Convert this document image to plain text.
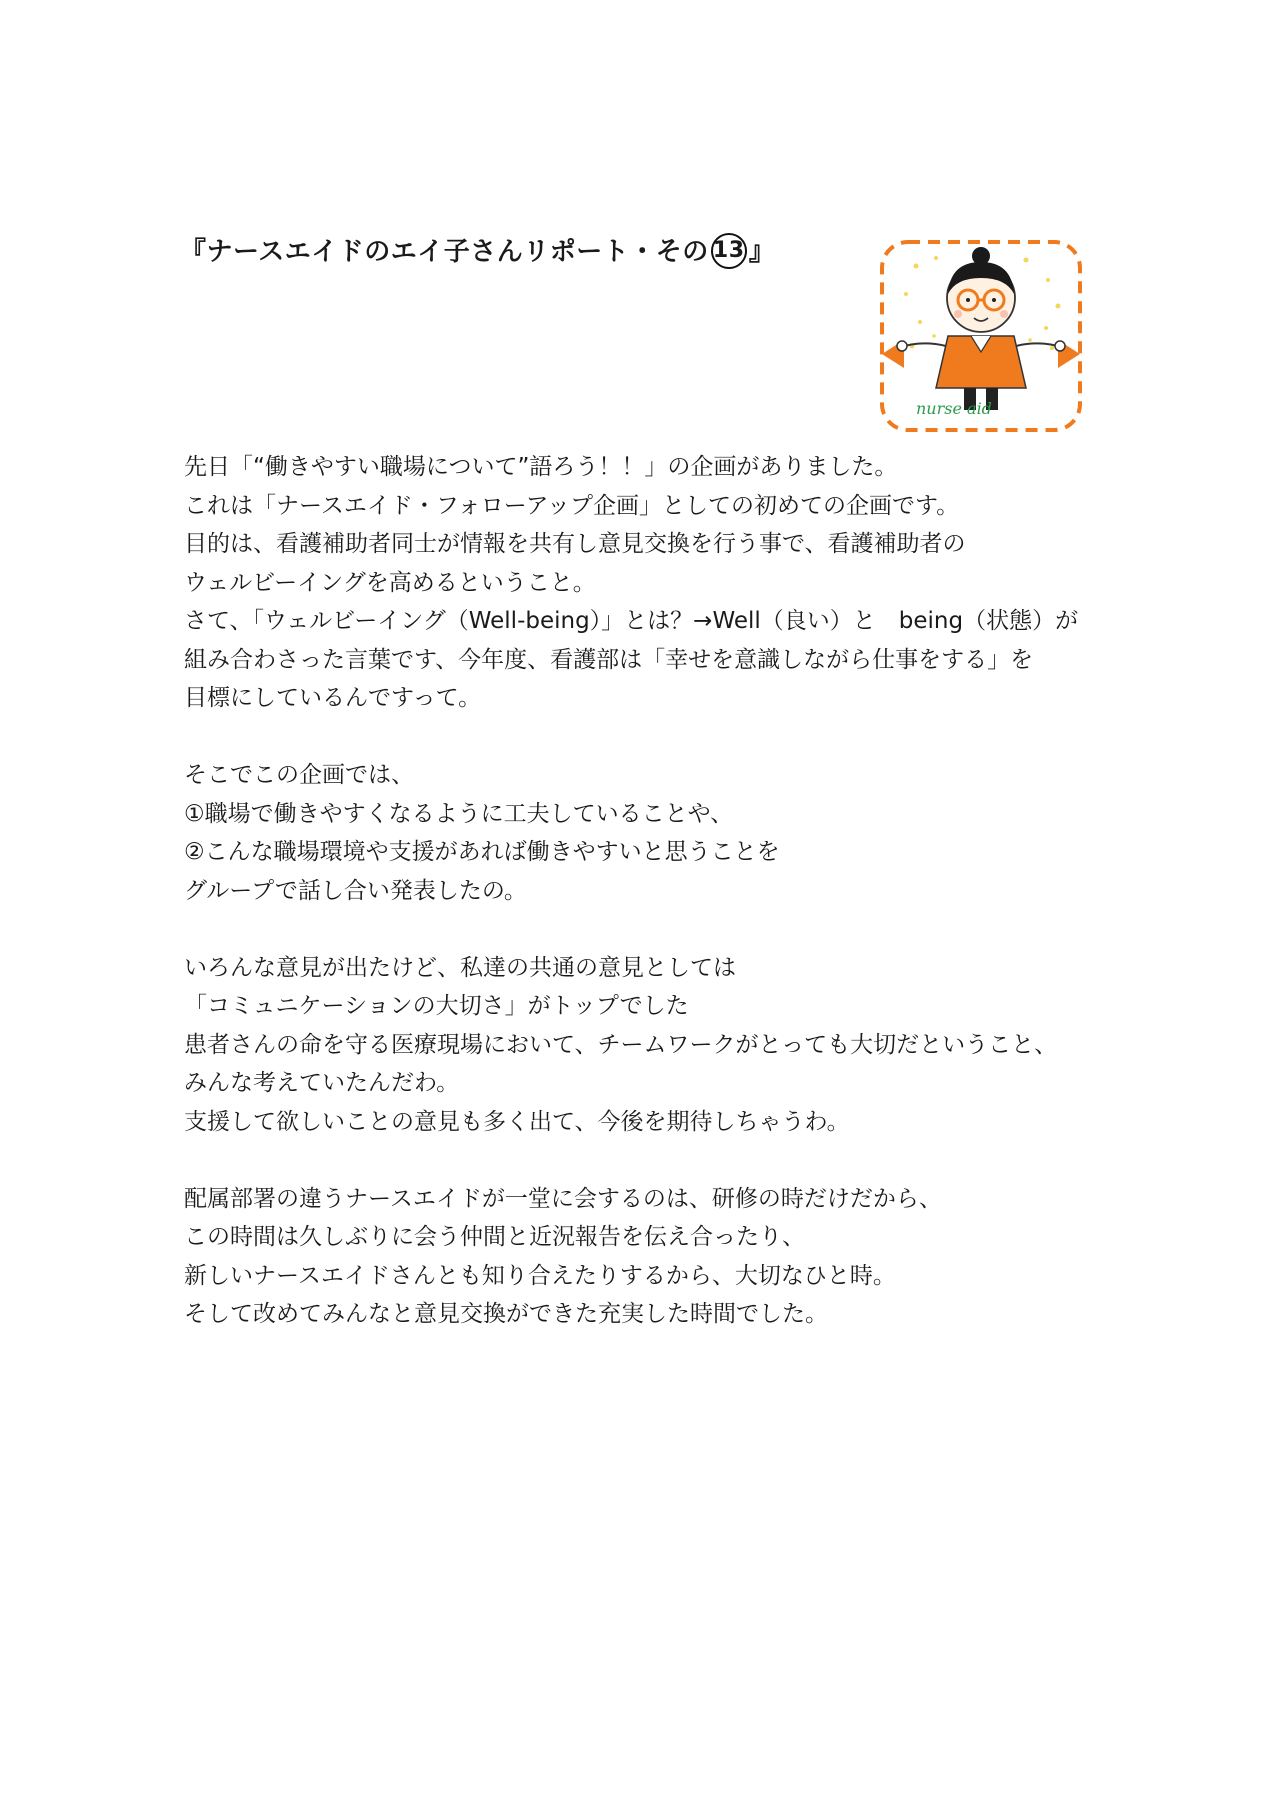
『ナースエイドのエイ子さんリポート・その 13 』
nurse aid
先日「“働きやすい職場について”語ろう！！」の企画がありました。
これは「ナースエイド・フォローアップ企画」としての初めての企画です。
目的は、看護補助者同士が情報を共有し意見交換を行う事で、看護補助者の
ウェルビーイングを高めるということ。
さて、「ウェルビーイング（Well-being）」とは？→Well（良い）と　being（状態）が
組み合わさった言葉です、今年度、看護部は「幸せを意識しながら仕事をする」を
目標にしているんですって。
そこでこの企画では、
①職場で働きやすくなるように工夫していることや、
②こんな職場環境や支援があれば働きやすいと思うことを
グループで話し合い発表したの。
いろんな意見が出たけど、私達の共通の意見としては
「コミュニケーションの大切さ」がトップでした
患者さんの命を守る医療現場において、チームワークがとっても大切だということ、
みんな考えていたんだわ。
支援して欲しいことの意見も多く出て、今後を期待しちゃうわ。
配属部署の違うナースエイドが一堂に会するのは、研修の時だけだから、
この時間は久しぶりに会う仲間と近況報告を伝え合ったり、
新しいナースエイドさんとも知り合えたりするから、大切なひと時。
そして改めてみんなと意見交換ができた充実した時間でした。
